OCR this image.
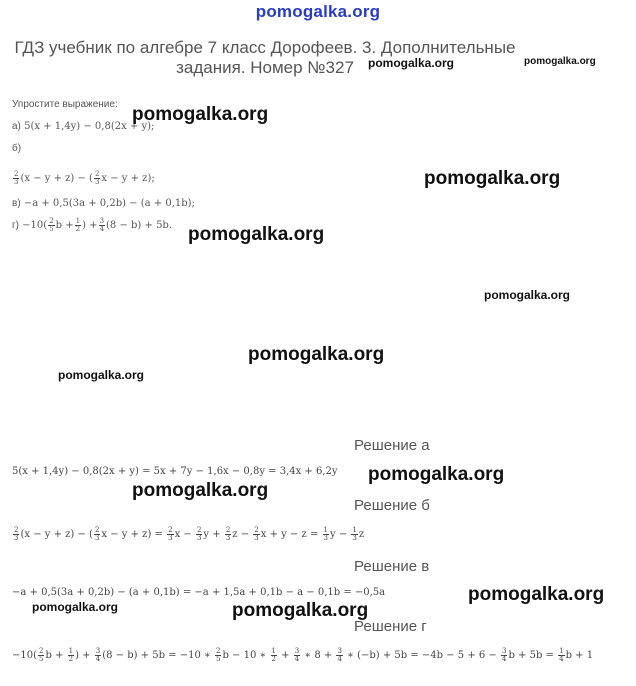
pomogalka.org
ГДЗ учебник по алгебре 7 класс Дорофеев. 3. Дополнительные задания. Номер №327
Упростите выражение:
а) 5(x + 1,4y) − 0,8(2x + y);
б)
$\frac{2}{3} (x - y + z)$ − ( $\frac{2}{3}$ x − y + z);
в) −a + 0,5(3a + 0,2b) − (a + 0,1b);
$г) -10( \frac{2}{5}$ $b + \frac{1}{2}$ ) + $\frac{3}{4} (8 - b) + 5b$.
Решение а
5(x + 1,4y) − 0,8(2x + y) = 5x + 7y − 1,6x − 0,8y = 3,4x + 6,2y
Решение б
$\frac{2}{3} (x - y + z)$ − ( $\frac{2}{3}$ $x - y + z) = \frac{2}{3}$ $x - \frac{2}{3}$ $y + \frac{2}{3}$ $z - \frac{2}{3}$ $x + y - z = \frac{1}{3}$ $y - \frac{1}{3}$ z
Решение в
−a + 0,5(3a + 0,2b) − (a + 0,1b) = −a + 1,5a + 0,1b − a − 0,1b = −0,5a
Решение г
$-10( \frac{2}{5}$ $b + \frac{1}{2}$ ) + $\frac{3}{4} (8 - b) + 5b = -10$ ∗ $\frac{2}{5}$ b − 10 ∗ $\frac{1}{2} + \frac{3}{4}$ ∗ $8 + \frac{3}{4}$ ∗ $(-b) + 5b = -4b - 5 + 6 - \frac{3}{4}$ $b + 5b = \frac{1}{4}$ b + 1
pomogalka.org	pomogalka.org
pomogalka.org
pomogalka.org
pomogalka.org
pomogalka.org
pomogalka.org
pomogalka.org
pomogalka.org
pomogalka.org
pomogalka.org
pomogalka.org	pomogalka.org
